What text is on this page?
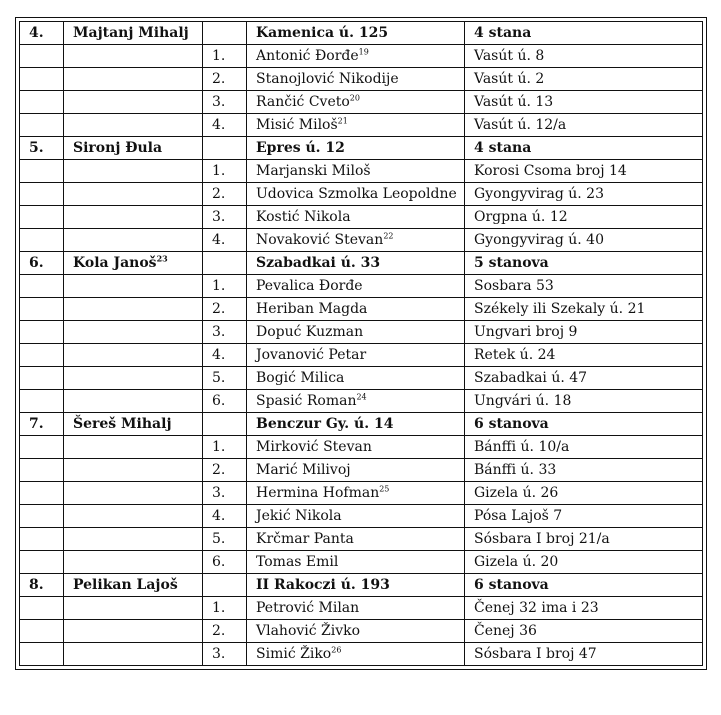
4.	Majtanj Mihalj		Kamenica ú. 125	4 stana
		1.	Antonić Đorđe$^{19}$	Vasút ú. 8
		2.	Stanojlović Nikodije	Vasút ú. 2
		3.	Rančić Cveto$^{20}$	Vasút ú. 13
		4.	Misić Miloš$^{21}$	Vasút ú. 12/a
5.	Sironj Đula		Epres ú. 12	4 stana
		1.	Marjanski Miloš	Korosi Csoma broj 14
		2.	Udovica Szmolka Leopoldne	Gyongyvirag ú. 23
		3.	Kostić Nikola	Orgpna ú. 12
		4.	Novaković Stevan$^{22}$	Gyongyvirag ú. 40
6.	Kola Janoš$^{23}$		Szabadkai ú. 33	5 stanova
		1.	Pevalica Đorđe	Sosbara 53
		2.	Heriban Magda	Székely ili Szekaly ú. 21
		3.	Dopuć Kuzman	Ungvari broj 9
		4.	Jovanović Petar	Retek ú. 24
		5.	Bogić Milica	Szabadkai ú. 47
		6.	Spasić Roman$^{24}$	Ungvári ú. 18
7.	Šereš Mihalj		Benczur Gy. ú. 14	6 stanova
		1.	Mirković Stevan	Bánffi ú. 10/a
		2.	Marić Milivoj	Bánffi ú. 33
		3.	Hermina Hofman$^{25}$	Gizela ú. 26
		4.	Jekić Nikola	Pósa Lajoš 7
		5.	Krčmar Panta	Sósbara I broj 21/a
		6.	Tomas Emil	Gizela ú. 20
8.	Pelikan Lajoš		II Rakoczi ú. 193	6 stanova
		1.	Petrović Milan	Čenej 32 ima i 23
		2.	Vlahović Živko	Čenej 36
		3.	Simić Žiko$^{26}$	Sósbara I broj 47
